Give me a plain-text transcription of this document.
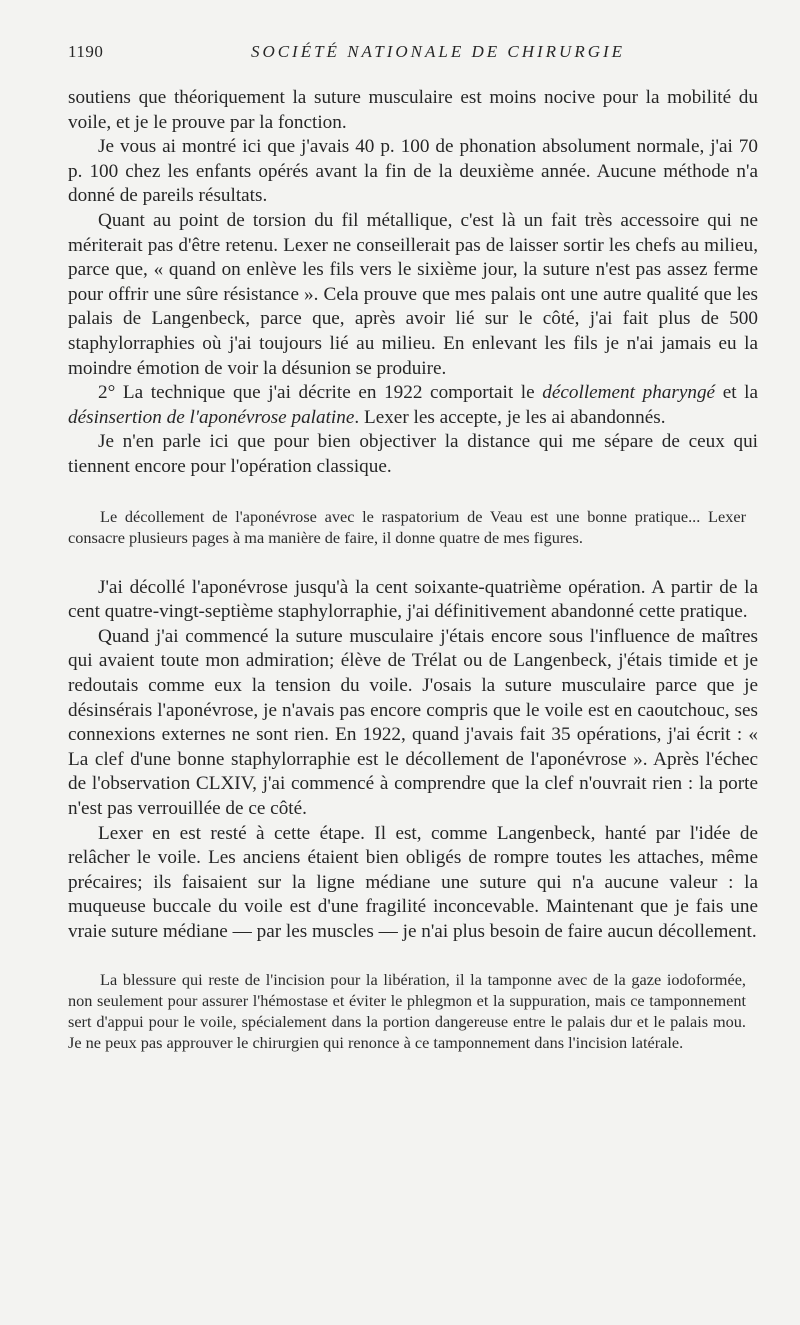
1190	SOCIÉTÉ NATIONALE DE CHIRURGIE

soutiens que théoriquement la suture musculaire est moins nocive pour la mobilité du voile, et je le prouve par la fonction.

Je vous ai montré ici que j'avais 40 p. 100 de phonation absolument normale, j'ai 70 p. 100 chez les enfants opérés avant la fin de la deuxième année. Aucune méthode n'a donné de pareils résultats.

Quant au point de torsion du fil métallique, c'est là un fait très accessoire qui ne mériterait pas d'être retenu. Lexer ne conseillerait pas de laisser sortir les chefs au milieu, parce que, « quand on enlève les fils vers le sixième jour, la suture n'est pas assez ferme pour offrir une sûre résistance ». Cela prouve que mes palais ont une autre qualité que les palais de Langenbeck, parce que, après avoir lié sur le côté, j'ai fait plus de 500 staphylorraphies où j'ai toujours lié au milieu. En enlevant les fils je n'ai jamais eu la moindre émotion de voir la désunion se produire.

2° La technique que j'ai décrite en 1922 comportait le décollement pharyngé et la désinsertion de l'aponévrose palatine. Lexer les accepte, je les ai abandonnés.

Je n'en parle ici que pour bien objectiver la distance qui me sépare de ceux qui tiennent encore pour l'opération classique.

Le décollement de l'aponévrose avec le raspatorium de Veau est une bonne pratique... Lexer consacre plusieurs pages à ma manière de faire, il donne quatre de mes figures.

J'ai décollé l'aponévrose jusqu'à la cent soixante-quatrième opération. A partir de la cent quatre-vingt-septième staphylorraphie, j'ai définitivement abandonné cette pratique.

Quand j'ai commencé la suture musculaire j'étais encore sous l'influence de maîtres qui avaient toute mon admiration; élève de Trélat ou de Langenbeck, j'étais timide et je redoutais comme eux la tension du voile. J'osais la suture musculaire parce que je désinsérais l'aponévrose, je n'avais pas encore compris que le voile est en caoutchouc, ses connexions externes ne sont rien. En 1922, quand j'avais fait 35 opérations, j'ai écrit : « La clef d'une bonne staphylorraphie est le décollement de l'aponévrose ». Après l'échec de l'observation CLXIV, j'ai commencé à comprendre que la clef n'ouvrait rien : la porte n'est pas verrouillée de ce côté.

Lexer en est resté à cette étape. Il est, comme Langenbeck, hanté par l'idée de relâcher le voile. Les anciens étaient bien obligés de rompre toutes les attaches, même précaires; ils faisaient sur la ligne médiane une suture qui n'a aucune valeur : la muqueuse buccale du voile est d'une fragilité inconcevable. Maintenant que je fais une vraie suture médiane — par les muscles — je n'ai plus besoin de faire aucun décollement.

La blessure qui reste de l'incision pour la libération, il la tamponne avec de la gaze iodoformée, non seulement pour assurer l'hémostase et éviter le phlegmon et la suppuration, mais ce tamponnement sert d'appui pour le voile, spécialement dans la portion dangereuse entre le palais dur et le palais mou. Je ne peux pas approuver le chirurgien qui renonce à ce tamponnement dans l'incision latérale.
